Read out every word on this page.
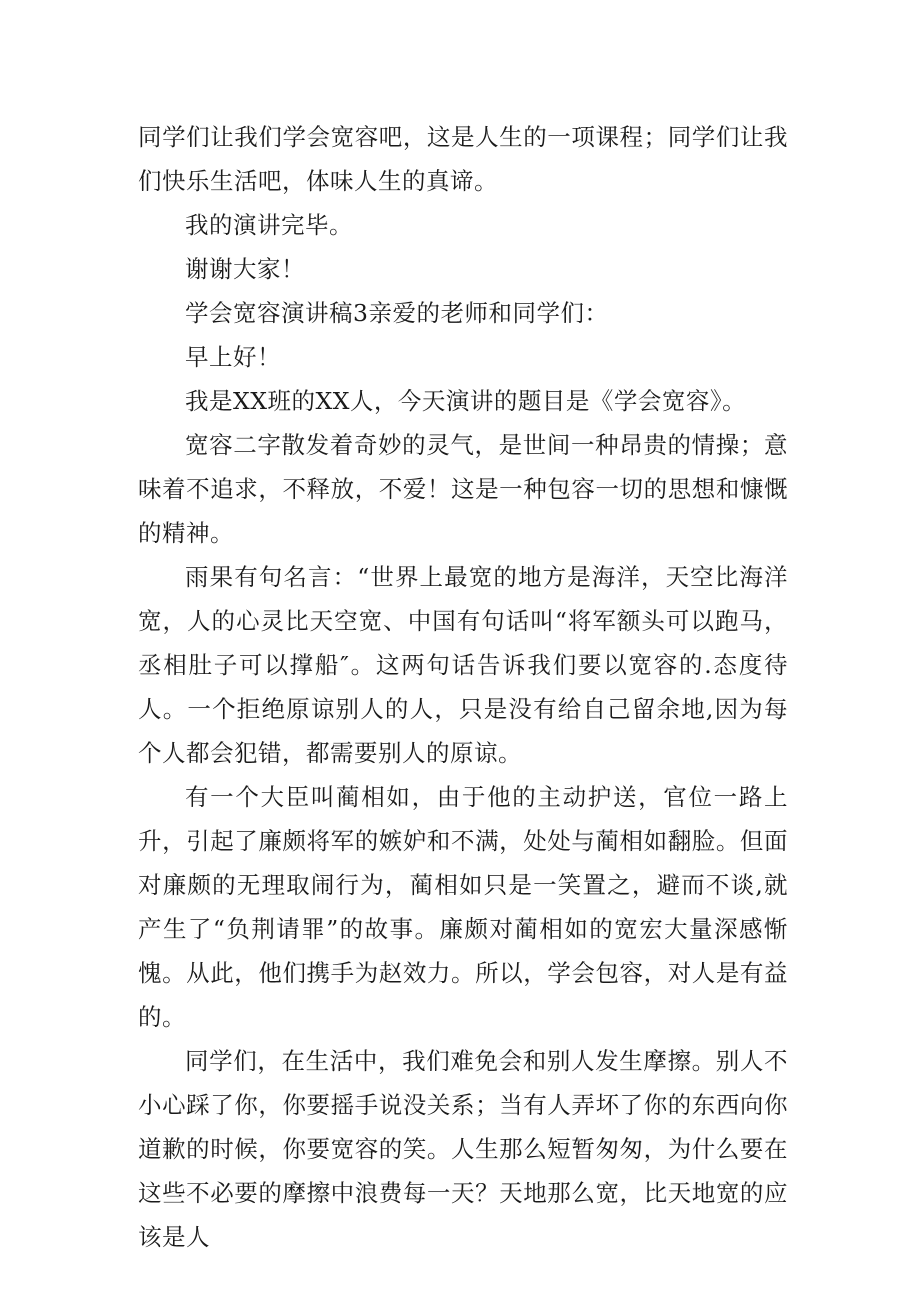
同学们让我们学会宽容吧，这是人生的一项课程；同学们让我们快乐生活吧，体味人生的真谛。

我的演讲完毕。

谢谢大家！

学会宽容演讲稿3亲爱的老师和同学们：

早上好！

我是XX班的XX人，今天演讲的题目是《学会宽容》。

宽容二字散发着奇妙的灵气，是世间一种昂贵的情操；意味着不追求，不释放，不爱！这是一种包容一切的思想和慷慨的精神。

雨果有句名言：“世界上最宽的地方是海洋，天空比海洋宽，人的心灵比天空宽、中国有句话叫“将军额头可以跑马，丞相肚子可以撑船″。这两句话告诉我们要以宽容的.态度待人。一个拒绝原谅别人的人，只是没有给自己留余地,因为每个人都会犯错，都需要别人的原谅。

有一个大臣叫蔺相如，由于他的主动护送，官位一路上升，引起了廉颇将军的嫉妒和不满，处处与蔺相如翻脸。但面对廉颇的无理取闹行为，蔺相如只是一笑置之，避而不谈,就产生了“负荆请罪”的故事。廉颇对蔺相如的宽宏大量深感惭愧。从此，他们携手为赵效力。所以，学会包容，对人是有益的。

同学们，在生活中，我们难免会和别人发生摩擦。别人不小心踩了你，你要摇手说没关系；当有人弄坏了你的东西向你道歉的时候，你要宽容的笑。人生那么短暂匆匆，为什么要在这些不必要的摩擦中浪费每一天？天地那么宽，比天地宽的应该是人
